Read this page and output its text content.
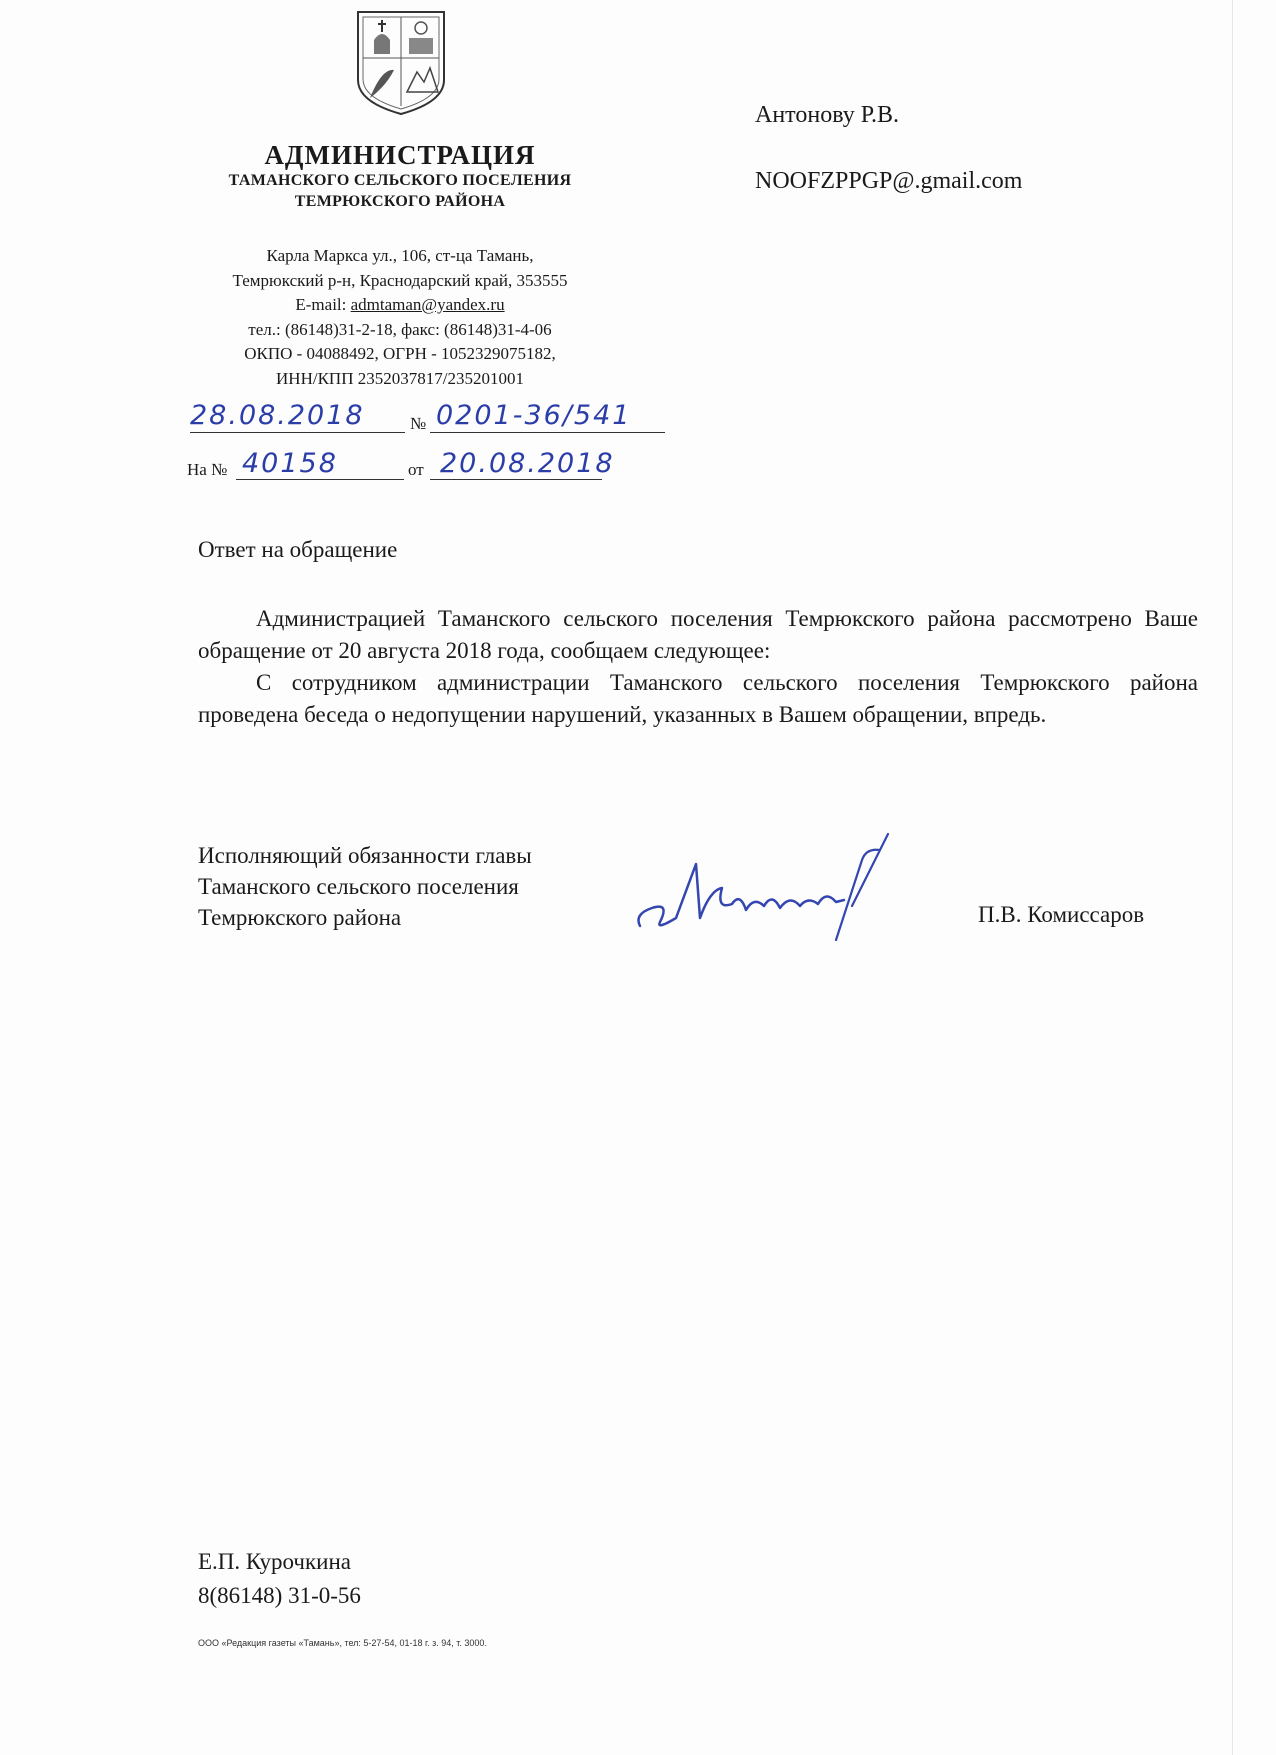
АДМИНИСТРАЦИЯ
ТАМАНСКОГО СЕЛЬСКОГО ПОСЕЛЕНИЯ
ТЕМРЮКСКОГО РАЙОНА
Карла Маркса ул., 106, ст-ца Тамань,
Темрюкский р-н, Краснодарский край, 353555
E-mail: admtaman@yandex.ru
тел.: (86148)31-2-18, факс: (86148)31-4-06
ОКПО - 04088492, ОГРН - 1052329075182,
ИНН/КПП 2352037817/235201001
28.08.2018	№ 0201-36/541
На № 40158	от 20.08.2018
Антонову Р.В.
NOOFZPPGP@.gmail.com
Ответ на обращение
Администрацией Таманского сельского поселения Темрюкского района рассмотрено Ваше обращение от 20 августа 2018 года, сообщаем следующее:
С сотрудником администрации Таманского сельского поселения Темрюкского района проведена беседа о недопущении нарушений, указанных в Вашем обращении, впредь.
Исполняющий обязанности главы
Таманского сельского поселения
Темрюкского района	П.В. Комиссаров
Е.П. Курочкина
8(86148) 31-0-56
ООО «Редакция газеты «Тамань», тел: 5-27-54, 01-18 г. з. 94, т. 3000.
